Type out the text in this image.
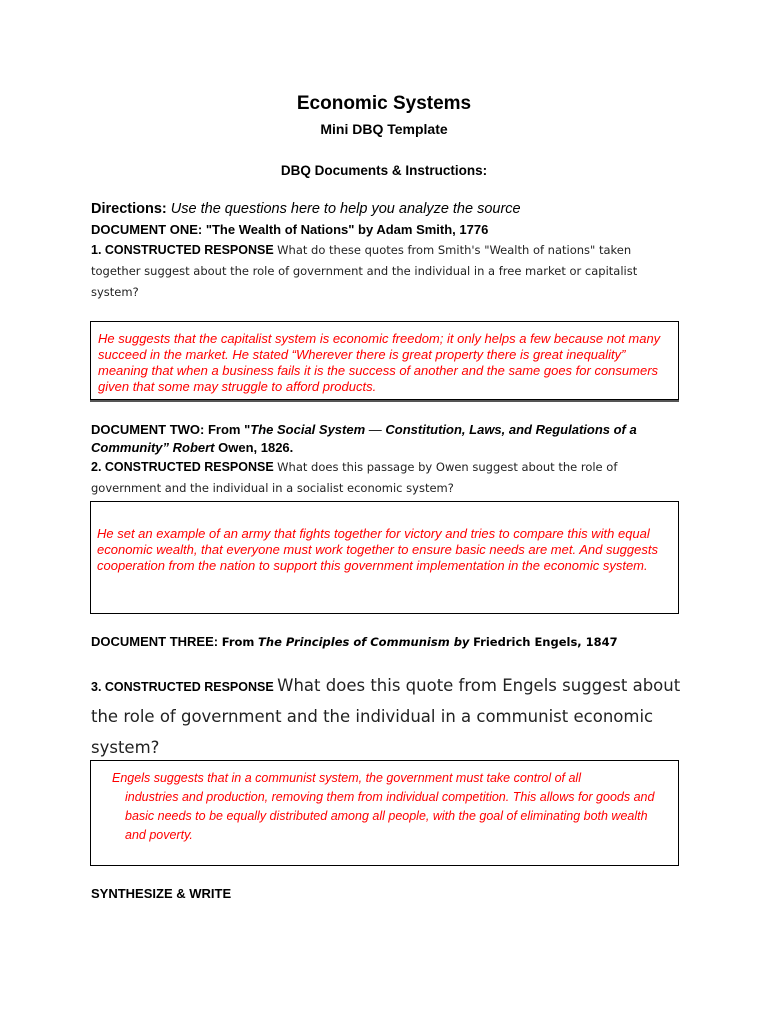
Economic Systems
Mini DBQ Template
DBQ Documents & Instructions:
Directions: Use the questions here to help you analyze the source
DOCUMENT ONE: "The Wealth of Nations" by Adam Smith, 1776
1. CONSTRUCTED RESPONSE What do these quotes from Smith's "Wealth of nations" taken together suggest about the role of government and the individual in a free market or capitalist system?
He suggests that the capitalist system is economic freedom; it only helps a few because not many succeed in the market. He stated “Wherever there is great property there is great inequality” meaning that when a business fails it is the success of another and the same goes for consumers given that some may struggle to afford products.
DOCUMENT TWO: From "The Social System — Constitution, Laws, and Regulations of a
Community” Robert Owen, 1826.
2. CONSTRUCTED RESPONSE What does this passage by Owen suggest about the role of government and the individual in a socialist economic system?
He set an example of an army that fights together for victory and tries to compare this with equal economic wealth, that everyone must work together to ensure basic needs are met. And suggests cooperation from the nation to support this government implementation in the economic system.
DOCUMENT THREE: From The Principles of Communism by Friedrich Engels, 1847
3. CONSTRUCTED RESPONSE What does this quote from Engels suggest about the role of government and the individual in a communist economic system?
Engels suggests that in a communist system, the government must take control of all
industries and production, removing them from individual competition. This allows for goods and basic needs to be equally distributed among all people, with the goal of eliminating both wealth and poverty.
SYNTHESIZE & WRITE
